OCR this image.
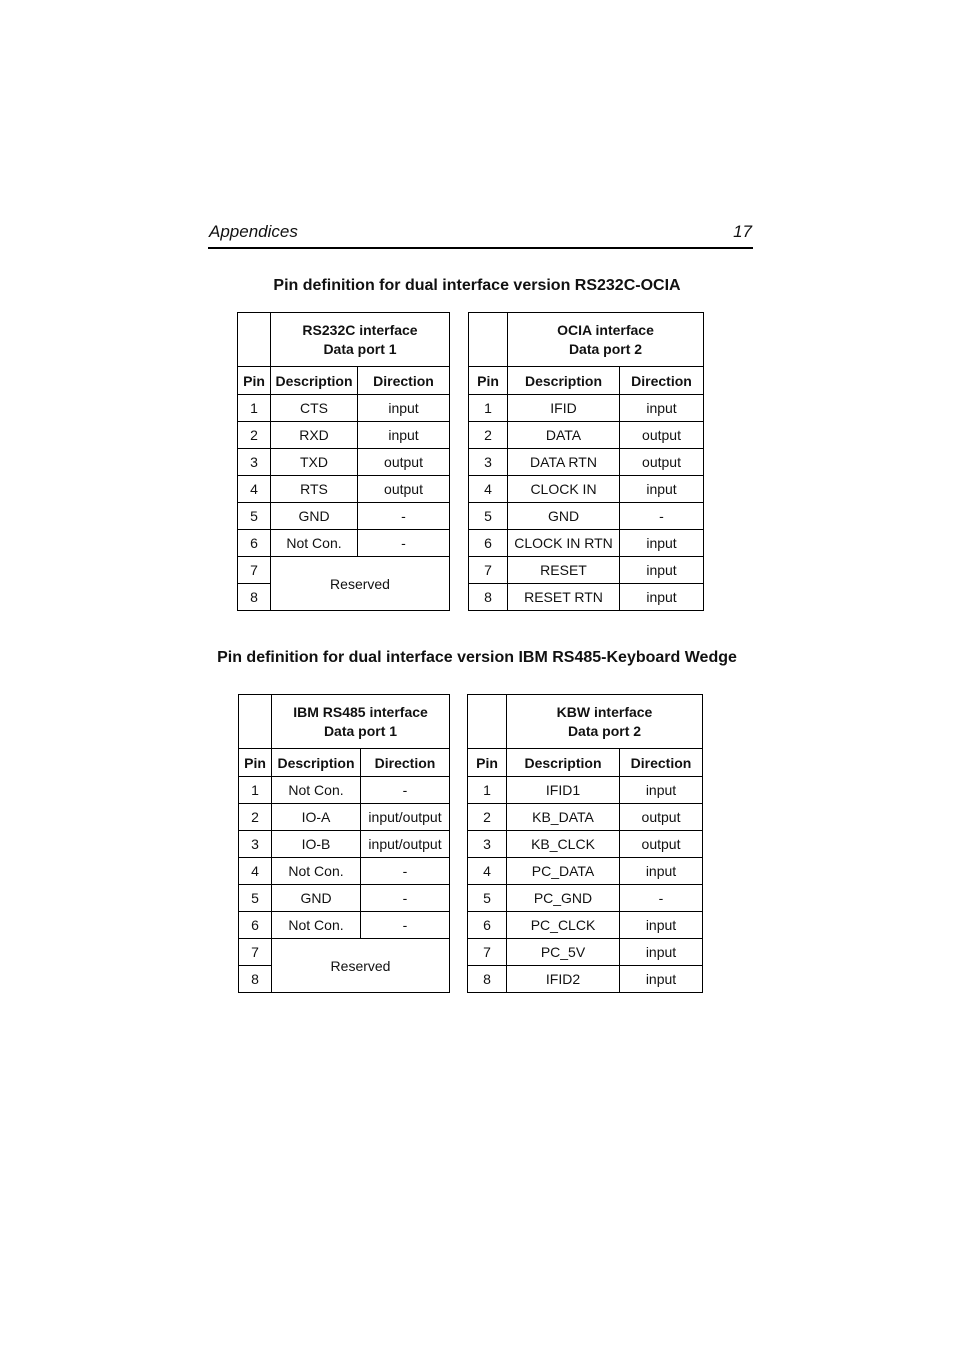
Appendices	17
Pin definition for dual interface version RS232C-OCIA
	RS232C interface
Data port 1	
Pin	Description	Direction
1	CTS	input
2	RXD	input
3	TXD	output
4	RTS	output
5	GND	-
6	Not Con.	-
7	Reserved	
8		
	OCIA interface
Data port 2	
Pin	Description	Direction
1	IFID	input
2	DATA	output
3	DATA RTN	output
4	CLOCK IN	input
5	GND	-
6	CLOCK IN RTN	input
7	RESET	input
8	RESET RTN	input
Pin definition for dual interface version IBM RS485-Keyboard Wedge
	IBM RS485 interface
Data port 1	
Pin	Description	Direction
1	Not Con.	-
2	IO-A	input/output
3	IO-B	input/output
4	Not Con.	-
5	GND	-
6	Not Con.	-
7	Reserved	
8		
	KBW interface
Data port 2	
Pin	Description	Direction
1	IFID1	input
2	KB_DATA	output
3	KB_CLCK	output
4	PC_DATA	input
5	PC_GND	-
6	PC_CLCK	input
7	PC_5V	input
8	IFID2	input
